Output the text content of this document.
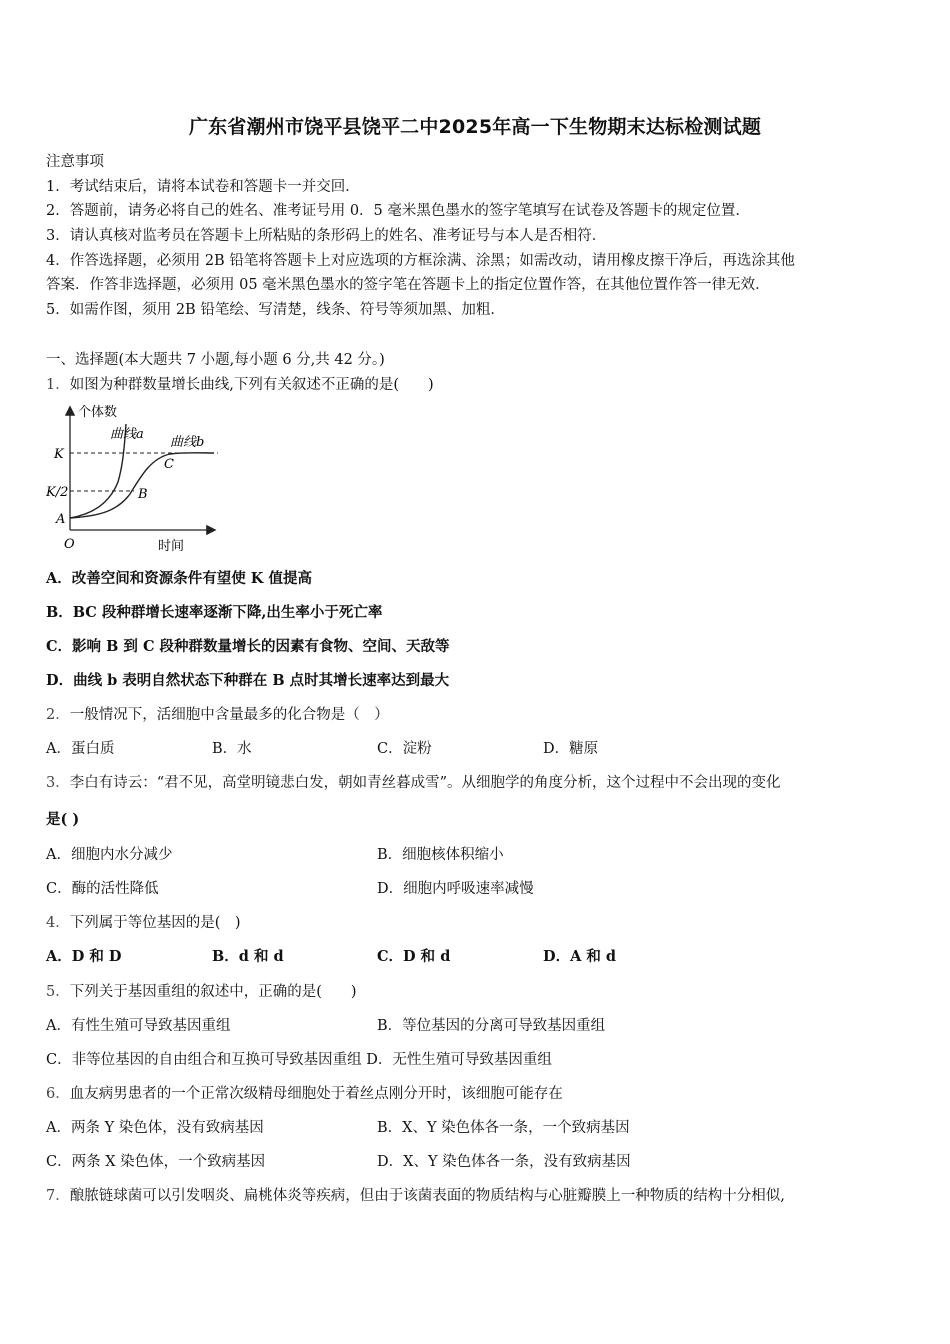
广东省潮州市饶平县饶平二中2025年高一下生物期末达标检测试题
注意事项
1．考试结束后，请将本试卷和答题卡一并交回．
2．答题前，请务必将自己的姓名、准考证号用 0．5 毫米黑色墨水的签字笔填写在试卷及答题卡的规定位置．
3．请认真核对监考员在答题卡上所粘贴的条形码上的姓名、准考证号与本人是否相符．
4．作答选择题，必须用 2B 铅笔将答题卡上对应选项的方框涂满、涂黑；如需改动，请用橡皮擦干净后，再选涂其他
答案．作答非选择题，必须用 05 毫米黑色墨水的签字笔在答题卡上的指定位置作答，在其他位置作答一律无效．
5．如需作图，须用 2B 铅笔绘、写清楚，线条、符号等须加黑、加粗．
一、选择题(本大题共 7 小题,每小题 6 分,共 42 分。)
1．如图为种群数量增长曲线,下列有关叙述不正确的是(　　)
个体数
时间
曲线a
曲线b
K
K/2
O
A
B
C
A．改善空间和资源条件有望使 K 值提高
B．BC 段种群增长速率逐渐下降,出生率小于死亡率
C．影响 B 到 C 段种群数量增长的因素有食物、空间、天敌等
D．曲线 b 表明自然状态下种群在 B 点时其增长速率达到最大
2．一般情况下，活细胞中含量最多的化合物是（　）
A．蛋白质	B．水	C．淀粉	D．糖原
3．李白有诗云：“君不见，高堂明镜悲白发，朝如青丝暮成雪”。从细胞学的角度分析，这个过程中不会出现的变化
是( )
A．细胞内水分减少	B．细胞核体积缩小
C．酶的活性降低	D．细胞内呼吸速率减慢
4．下列属于等位基因的是(　)
A．D 和 D	B．d 和 d	C．D 和 d	D．A 和 d
5．下列关于基因重组的叙述中，正确的是(　　)
A．有性生殖可导致基因重组	B．等位基因的分离可导致基因重组
C．非等位基因的自由组合和互换可导致基因重组 D．无性生殖可导致基因重组
6．血友病男患者的一个正常次级精母细胞处于着丝点刚分开时，该细胞可能存在
A．两条 Y 染色体，没有致病基因	B．X、Y 染色体各一条，一个致病基因
C．两条 X 染色体，一个致病基因	D．X、Y 染色体各一条，没有致病基因
7．酿脓链球菌可以引发咽炎、扁桃体炎等疾病，但由于该菌表面的物质结构与心脏瓣膜上一种物质的结构十分相似,
